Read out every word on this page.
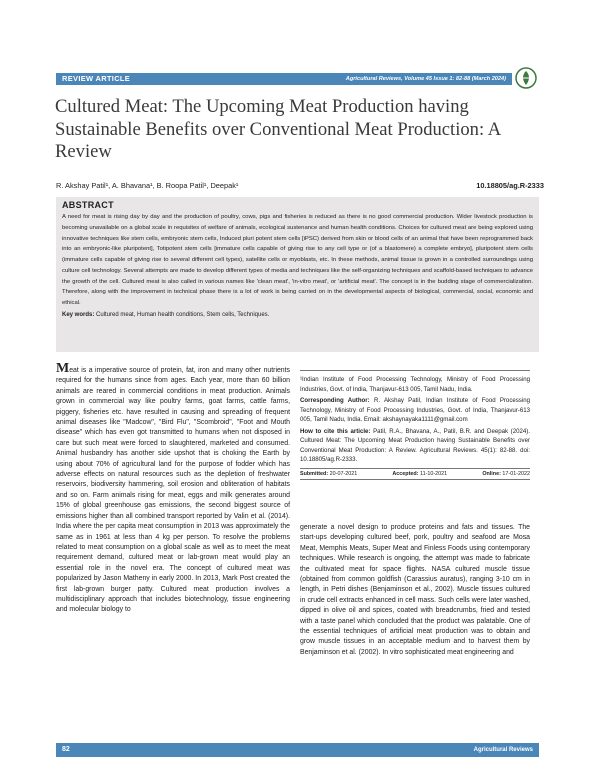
REVIEW ARTICLE	Agricultural Reviews, Volume 45 Issue 1: 82-88 (March 2024)
Cultured Meat: The Upcoming Meat Production having Sustainable Benefits over Conventional Meat Production: A Review
R. Akshay Patil¹, A. Bhavana¹, B. Roopa Patil¹, Deepak¹	10.18805/ag.R-2333
ABSTRACT

A need for meat is rising day by day and the production of poultry, cows, pigs and fisheries is reduced as there is no good commercial production. Wider livestock production is becoming unavailable on a global scale in requisites of welfare of animals, ecological sustenance and human health conditions. Choices for cultured meat are being explored using innovative techniques like stem cells, embryonic stem cells, Induced pluri potent stem cells [iPSC) derived from skin or blood cells of an animal that have been reprogrammed back into an embryonic-like pluripotent], Totipotent stem cells [immature cells capable of giving rise to any cell type or (of a blastomere) a complete embryo], pluripotent stem cells (immature cells capable of giving rise to several different cell types), satellite cells or myoblasts, etc. In these methods, animal tissue is grown in a controlled surroundings using culture cell technology. Several attempts are made to develop different types of media and techniques like the self-organizing techniques and scaffold-based techniques to advance the growth of the cell. Cultured meat is also called in various names like 'clean meat', 'in-vitro meat', or 'artificial meat'. The concept is in the budding stage of commercialization. Therefore, along with the improvement in technical phase there is a lot of work is being carried on in the developmental aspects of biological, commercial, social, economic and ethical.

Key words: Cultured meat, Human health conditions, Stem cells, Techniques.

Meat is a imperative source of protein, fat, iron and many other nutrients required for the humans since from ages. Each year, more than 60 billion animals are reared in commercial conditions in meat production. Animals grown in commercial way like poultry farms, goat farms, cattle farms, piggery, fisheries etc. have resulted in causing and spreading of frequent animal diseases like "Madcow", "Bird Flu", "Scombroid", "Foot and Mouth disease" which has even got transmitted to humans when not disposed in care but such meat were forced to slaughtered, marketed and consumed. Animal husbandry has another side upshot that is choking the Earth by using about 70% of agricultural land for the purpose of fodder which has adverse effects on natural resources such as the depletion of freshwater reservoirs, biodiversity hammering, soil erosion and obliteration of habitats and so on. Farm animals rising for meat, eggs and milk generates around 15% of global greenhouse gas emissions, the second biggest source of emissions higher than all combined transport reported by Valin et al. (2014). India where the per capita meat consumption in 2013 was approximately the same as in 1961 at less than 4 kg per person. To resolve the problems related to meat consumption on a global scale as well as to meet the meat requirement demand, cultured meat or lab-grown meat would play an essential role in the novel era. The concept of cultured meat was popularized by Jason Matheny in early 2000. In 2013, Mark Post created the first lab-grown burger patty. Cultured meat production involves a multidisciplinary approach that includes biotechnology, tissue engineering and molecular biology to

¹Indian Institute of Food Processing Technology, Ministry of Food Processing Industries, Govt. of India, Thanjavur-613 005, Tamil Nadu, India.

Corresponding Author: R. Akshay Patil, Indian Institute of Food Processing Technology, Ministry of Food Processing Industries, Govt. of India, Thanjavur-613 005, Tamil Nadu, India. Email: akshaynayaka1111@gmail.com

How to cite this article: Patil, R.A., Bhavana, A., Patil, B.R. and Deepak (2024). Cultured Meat: The Upcoming Meat Production having Sustainable Benefits over Conventional Meat Production: A Review. Agricultural Reviews. 45(1): 82-88. doi: 10.18805/ag.R-2333.

Submitted: 20-07-2021	Accepted: 11-10-2021	Online: 17-01-2022

generate a novel design to produce proteins and fats and tissues. The start-ups developing cultured beef, pork, poultry and seafood are Mosa Meat, Memphis Meats, Super Meat and Finless Foods using contemporary techniques. While research is ongoing, the attempt was made to fabricate the cultivated meat for space flights. NASA cultured muscle tissue (obtained from common goldfish (Carassius auratus), ranging 3-10 cm in length, in Petri dishes (Benjaminson et al., 2002). Muscle tissues cultured in crude cell extracts enhanced in cell mass. Such cells were later washed, dipped in olive oil and spices, coated with breadcrumbs, fried and tested with a taste panel which concluded that the product was palatable. One of the essential techniques of artificial meat production was to obtain and grow muscle tissues in an acceptable medium and to harvest them by Benjaminson et al. (2002). In vitro sophisticated meat engineering and

82	Agricultural Reviews
